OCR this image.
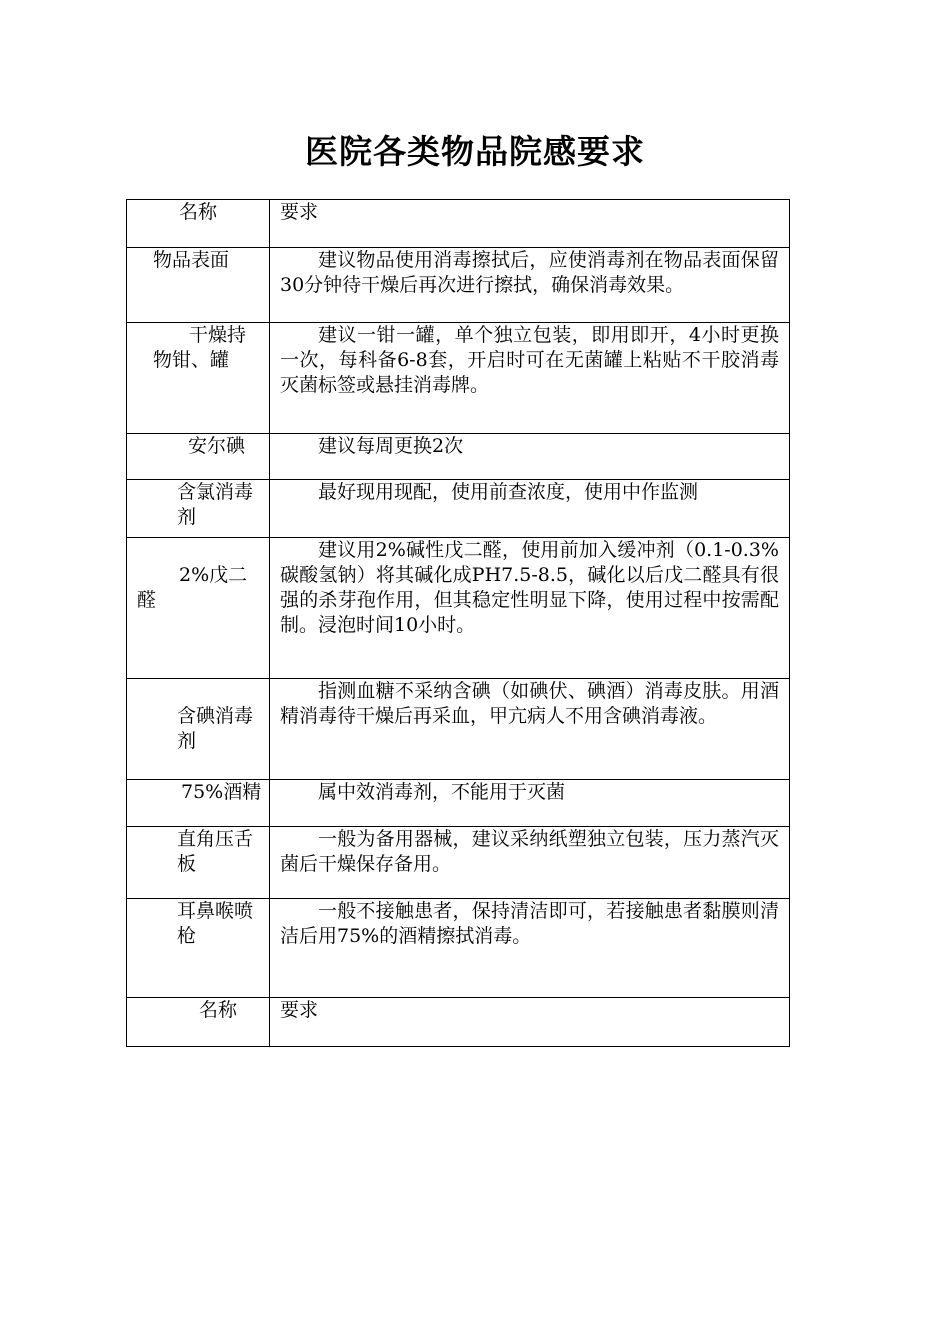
医院各类物品院感要求
名称	要求

物品表面	建议物品使用消毒擦拭后，应使消毒剂在物品表面保留30分钟待干燥后再次进行擦拭，确保消毒效果。

干燥持物钳、罐	建议一钳一罐，单个独立包装，即用即开，4小时更换一次，每科备6-8套，开启时可在无菌罐上粘贴不干胶消毒灭菌标签或悬挂消毒牌。

安尔碘	建议每周更换2次

含氯消毒剂	最好现用现配，使用前查浓度，使用中作监测

2%戊二醛	建议用2%碱性戊二醛，使用前加入缓冲剂（0.1-0.3%碳酸氢钠）将其碱化成PH7.5-8.5，碱化以后戊二醛具有很强的杀芽孢作用，但其稳定性明显下降，使用过程中按需配制。浸泡时间10小时。

含碘消毒剂	指测血糖不采纳含碘（如碘伏、碘酒）消毒皮肤。用酒精消毒待干燥后再采血，甲亢病人不用含碘消毒液。

75%酒精	属中效消毒剂，不能用于灭菌

直角压舌板	一般为备用器械，建议采纳纸塑独立包装，压力蒸汽灭菌后干燥保存备用。

耳鼻喉喷枪	一般不接触患者，保持清洁即可，若接触患者黏膜则清洁后用75%的酒精擦拭消毒。

名称	要求
